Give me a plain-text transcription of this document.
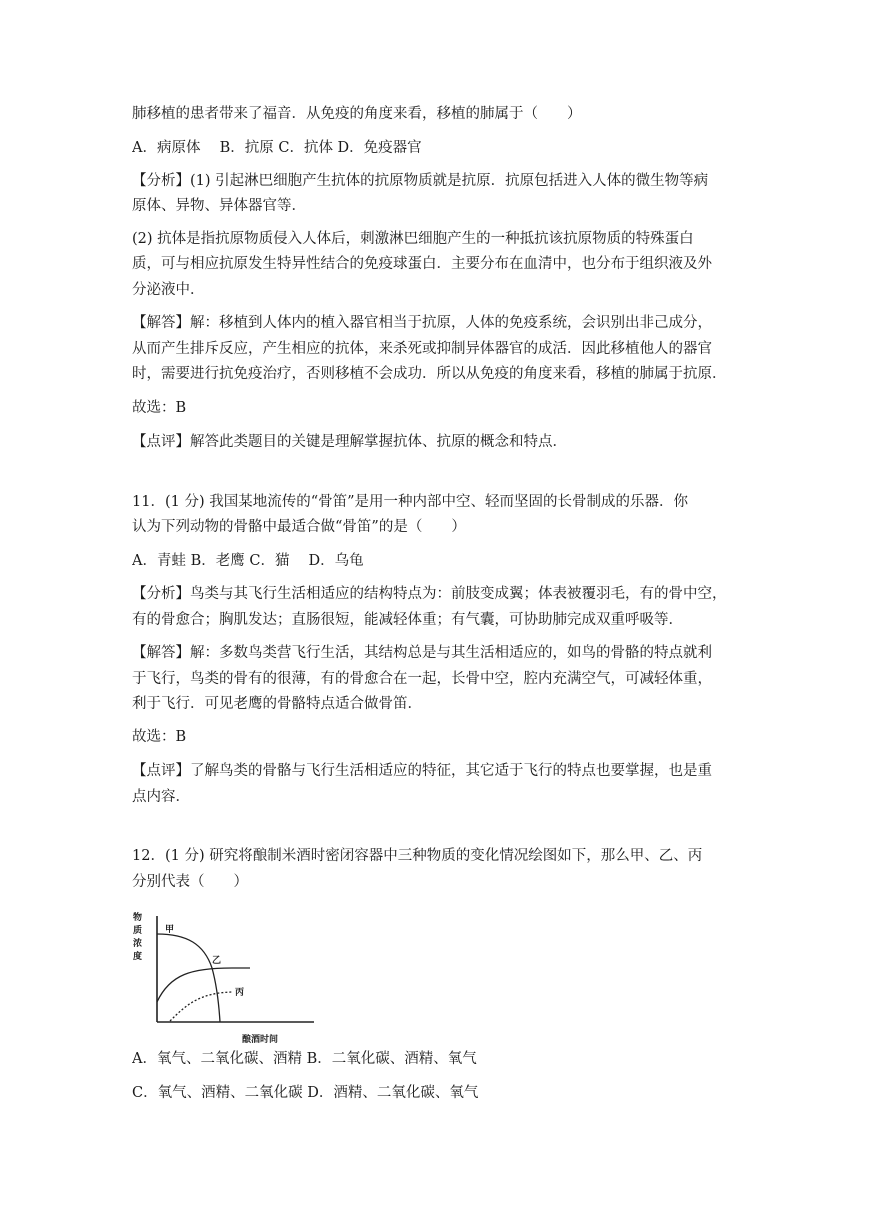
肺移植的患者带来了福音．从免疫的角度来看，移植的肺属于（　　）
A．病原体　 B．抗原 C．抗体 D．免疫器官
【分析】(1) 引起淋巴细胞产生抗体的抗原物质就是抗原．抗原包括进入人体的微生物等病
原体、异物、异体器官等．
(2) 抗体是指抗原物质侵入人体后，刺激淋巴细胞产生的一种抵抗该抗原物质的特殊蛋白
质，可与相应抗原发生特异性结合的免疫球蛋白．主要分布在血清中，也分布于组织液及外
分泌液中．
【解答】解：移植到人体内的植入器官相当于抗原，人体的免疫系统，会识别出非己成分，
从而产生排斥反应，产生相应的抗体，来杀死或抑制异体器官的成活．因此移植他人的器官
时，需要进行抗免疫治疗，否则移植不会成功．所以从免疫的角度来看，移植的肺属于抗原．
故选：B
【点评】解答此类题目的关键是理解掌握抗体、抗原的概念和特点．
11．(1 分) 我国某地流传的“骨笛”是用一种内部中空、轻而坚固的长骨制成的乐器．你
认为下列动物的骨骼中最适合做“骨笛”的是（　　）
A．青蛙 B．老鹰 C．猫　 D．乌龟
【分析】鸟类与其飞行生活相适应的结构特点为：前肢变成翼；体表被覆羽毛，有的骨中空，
有的骨愈合；胸肌发达；直肠很短，能减轻体重；有气囊，可协助肺完成双重呼吸等．
【解答】解：多数鸟类营飞行生活，其结构总是与其生活相适应的，如鸟的骨骼的特点就利
于飞行，鸟类的骨有的很薄，有的骨愈合在一起，长骨中空，腔内充满空气，可减轻体重，
利于飞行．可见老鹰的骨骼特点适合做骨笛．
故选：B
【点评】了解鸟类的骨骼与飞行生活相适应的特征，其它适于飞行的特点也要掌握，也是重
点内容．
12．(1 分) 研究将酿制米酒时密闭容器中三种物质的变化情况绘图如下，那么甲、乙、丙
分别代表（　　）
物
质
浓
度
甲
乙
丙
酿酒时间
A．氧气、二氧化碳、酒精 B．二氧化碳、酒精、氧气
C．氧气、酒精、二氧化碳 D．酒精、二氧化碳、氧气
